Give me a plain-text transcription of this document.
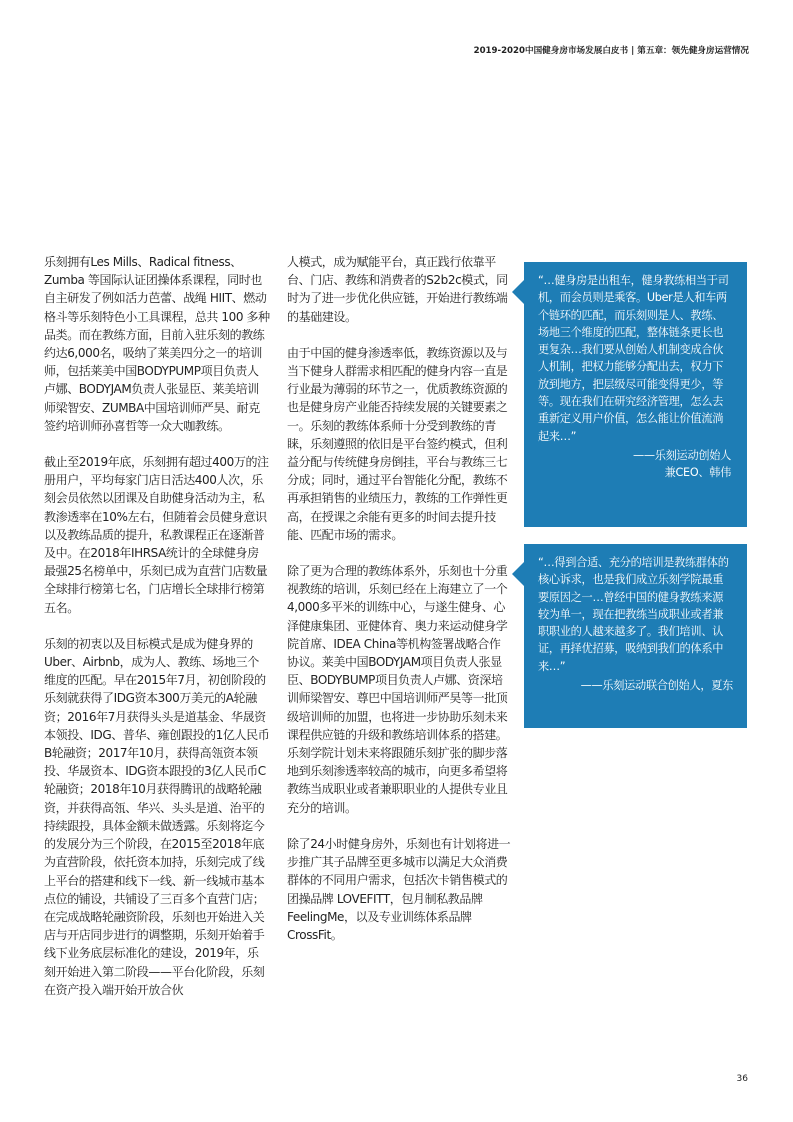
2019-2020中国健身房市场发展白皮书 | 第五章：领先健身房运营情况

乐刻拥有Les Mills、Radical fitness、Zumba 等国际认证团操体系课程，同时也自主研发了例如活力芭蕾、战绳 HIIT、燃动格斗等乐刻特色小工具课程，总共 100 多种品类。而在教练方面，目前入驻乐刻的教练约达6,000名，吸纳了莱美四分之一的培训师，包括莱美中国BODYPUMP项目负责人卢娜、BODYJAM负责人张显臣、莱美培训师梁智安、ZUMBA中国培训师严昊、耐克签约培训师孙喜哲等一众大咖教练。

截止至2019年底，乐刻拥有超过400万的注册用户，平均每家门店日活达400人次，乐刻会员依然以团课及自助健身活动为主，私教渗透率在10%左右，但随着会员健身意识以及教练品质的提升，私教课程正在逐渐普及中。在2018年IHRSA统计的全球健身房最强25名榜单中，乐刻已成为直营门店数量全球排行榜第七名，门店增长全球排行榜第五名。

乐刻的初衷以及目标模式是成为健身界的Uber、Airbnb，成为人、教练、场地三个维度的匹配。早在2015年7月，初创阶段的乐刻就获得了IDG资本300万美元的A轮融资；2016年7月获得头头是道基金、华晟资本领投、IDG、普华、雍创跟投的1亿人民币B轮融资；2017年10月，获得高瓴资本领投、华晟资本、IDG资本跟投的3亿人民币C轮融资；2018年10月获得腾讯的战略轮融资，并获得高瓴、华兴、头头是道、治平的持续跟投，具体金额未做透露。乐刻将迄今的发展分为三个阶段，在2015至2018年底为直营阶段，依托资本加持，乐刻完成了线上平台的搭建和线下一线、新一线城市基本点位的铺设，共铺设了三百多个直营门店；在完成战略轮融资阶段，乐刻也开始进入关店与开店同步进行的调整期，乐刻开始着手线下业务底层标准化的建设，2019年，乐刻开始进入第二阶段——平台化阶段，乐刻在资产投入端开始开放合伙

人模式，成为赋能平台，真正践行依靠平台、门店、教练和消费者的S2b2c模式，同时为了进一步优化供应链，开始进行教练端的基础建设。

由于中国的健身渗透率低，教练资源以及与当下健身人群需求相匹配的健身内容一直是行业最为薄弱的环节之一，优质教练资源的也是健身房产业能否持续发展的关键要素之一。乐刻的教练体系师十分受到教练的青睐，乐刻遵照的依旧是平台签约模式，但利益分配与传统健身房倒挂，平台与教练三七分成；同时，通过平台智能化分配，教练不再承担销售的业绩压力，教练的工作弹性更高，在授课之余能有更多的时间去提升技能、匹配市场的需求。

除了更为合理的教练体系外，乐刻也十分重视教练的培训，乐刻已经在上海建立了一个4,000多平米的训练中心，与遂生健身、心泽健康集团、亚健体育、奥力来运动健身学院首席、IDEA China等机构签署战略合作协议。莱美中国BODYJAM项目负责人张显臣、BODYBUMP项目负责人卢娜、资深培训师梁智安、尊巴中国培训师严昊等一批顶级培训师的加盟，也将进一步协助乐刻未来课程供应链的升级和教练培训体系的搭建。乐刻学院计划未来将跟随乐刻扩张的脚步落地到乐刻渗透率较高的城市，向更多希望将教练当成职业或者兼职职业的人提供专业且充分的培训。

除了24小时健身房外，乐刻也有计划将进一步推广其子品牌至更多城市以满足大众消费群体的不同用户需求，包括次卡销售模式的团操品牌 LOVEFITT，包月制私教品牌FeelingMe，以及专业训练体系品牌CrossFit。

“…健身房是出租车，健身教练相当于司机，而会员则是乘客。Uber是人和车两个链环的匹配，而乐刻则是人、教练、场地三个维度的匹配，整体链条更长也更复杂…我们要从创始人机制变成合伙人机制，把权力能够分配出去，权力下放到地方，把层级尽可能变得更少，等等。现在我们在研究经济管理，怎么去重新定义用户价值，怎么能让价值流淌起来…”
——乐刻运动创始人
兼CEO、韩伟
“…得到合适、充分的培训是教练群体的核心诉求，也是我们成立乐刻学院最重要原因之一…曾经中国的健身教练来源较为单一，现在把教练当成职业或者兼职职业的人越来越多了。我们培训、认证，再择优招募，吸纳到我们的体系中来…”
——乐刻运动联合创始人，夏东
36
